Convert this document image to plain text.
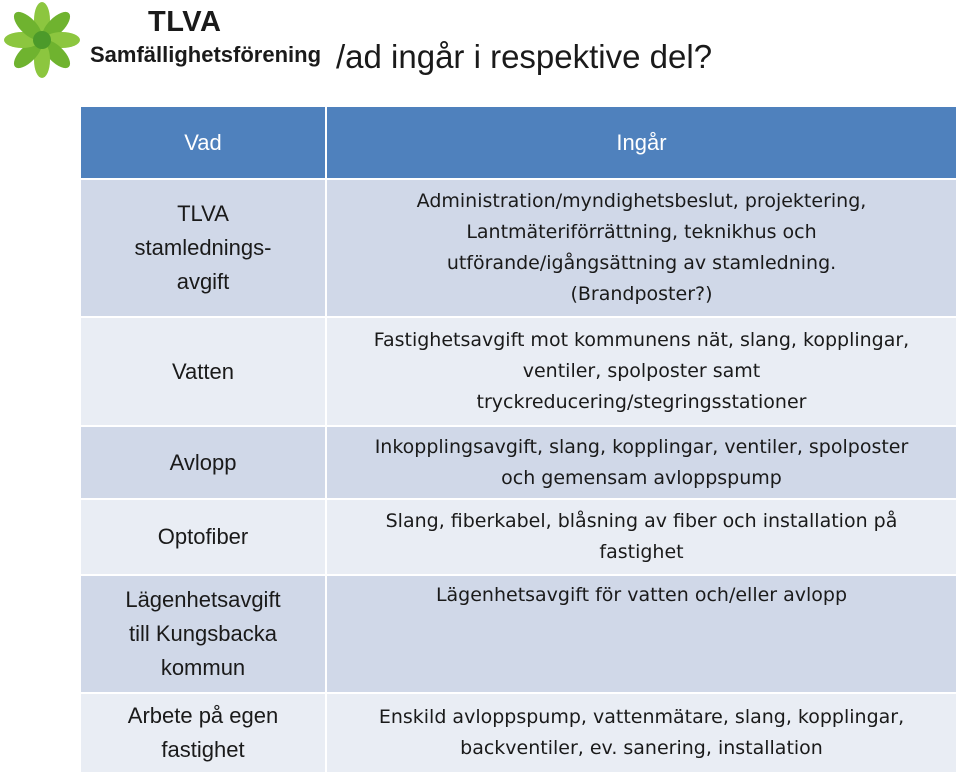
TLVA
Samfällighetsförening /ad ingår i respektive del?
Vad	Ingår
TLVA
stamlednings-
avgift	Administration/myndighetsbeslut, projektering,
Lantmäteriförrättning, teknikhus och
utförande/igångsättning av stamledning.
(Brandposter?)
Vatten	Fastighetsavgift mot kommunens nät, slang, kopplingar,
ventiler, spolposter samt
tryckreducering/stegringsstationer
Avlopp	Inkopplingsavgift, slang, kopplingar, ventiler, spolposter
och gemensam avloppspump
Optofiber	Slang, fiberkabel, blåsning av fiber och installation på
fastighet
Lägenhetsavgift
till Kungsbacka
kommun	Lägenhetsavgift för vatten och/eller avlopp
Arbete på egen
fastighet	Enskild avloppspump, vattenmätare, slang, kopplingar,
backventiler, ev. sanering, installation
